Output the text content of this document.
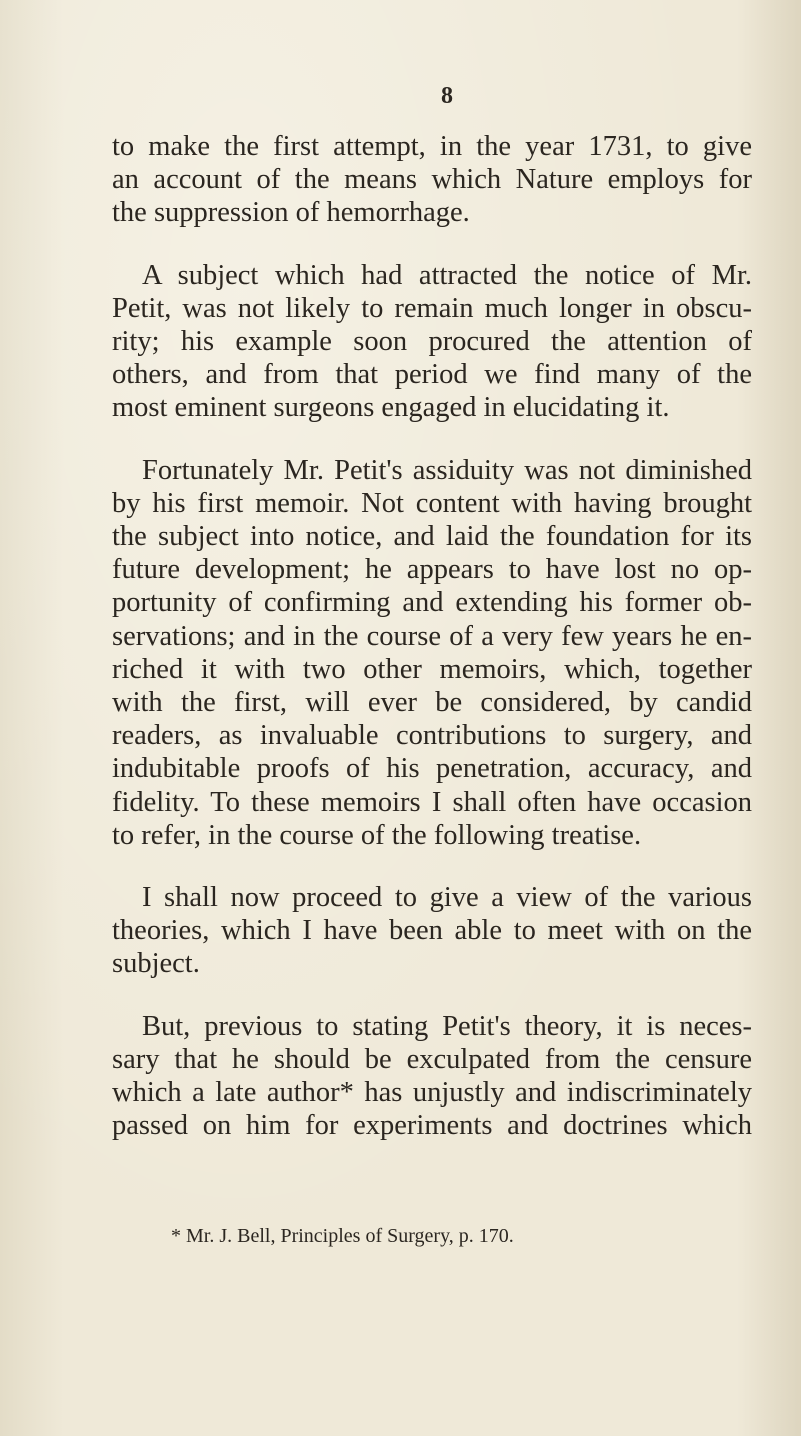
8

to make the first attempt, in the year 1731, to give
an account of the means which Nature employs for
the suppression of hemorrhage.

A subject which had attracted the notice of Mr.
Petit, was not likely to remain much longer in obscu-
rity; his example soon procured the attention of
others, and from that period we find many of the
most eminent surgeons engaged in elucidating it.

Fortunately Mr. Petit's assiduity was not diminished
by his first memoir. Not content with having brought
the subject into notice, and laid the foundation for its
future development; he appears to have lost no op-
portunity of confirming and extending his former ob-
servations; and in the course of a very few years he en-
riched it with two other memoirs, which, together
with the first, will ever be considered, by candid
readers, as invaluable contributions to surgery, and
indubitable proofs of his penetration, accuracy, and
fidelity. To these memoirs I shall often have occasion
to refer, in the course of the following treatise.

I shall now proceed to give a view of the various
theories, which I have been able to meet with on the
subject.

But, previous to stating Petit's theory, it is neces-
sary that he should be exculpated from the censure
which a late author* has unjustly and indiscriminately
passed on him for experiments and doctrines which

* Mr. J. Bell, Principles of Surgery, p. 170.
